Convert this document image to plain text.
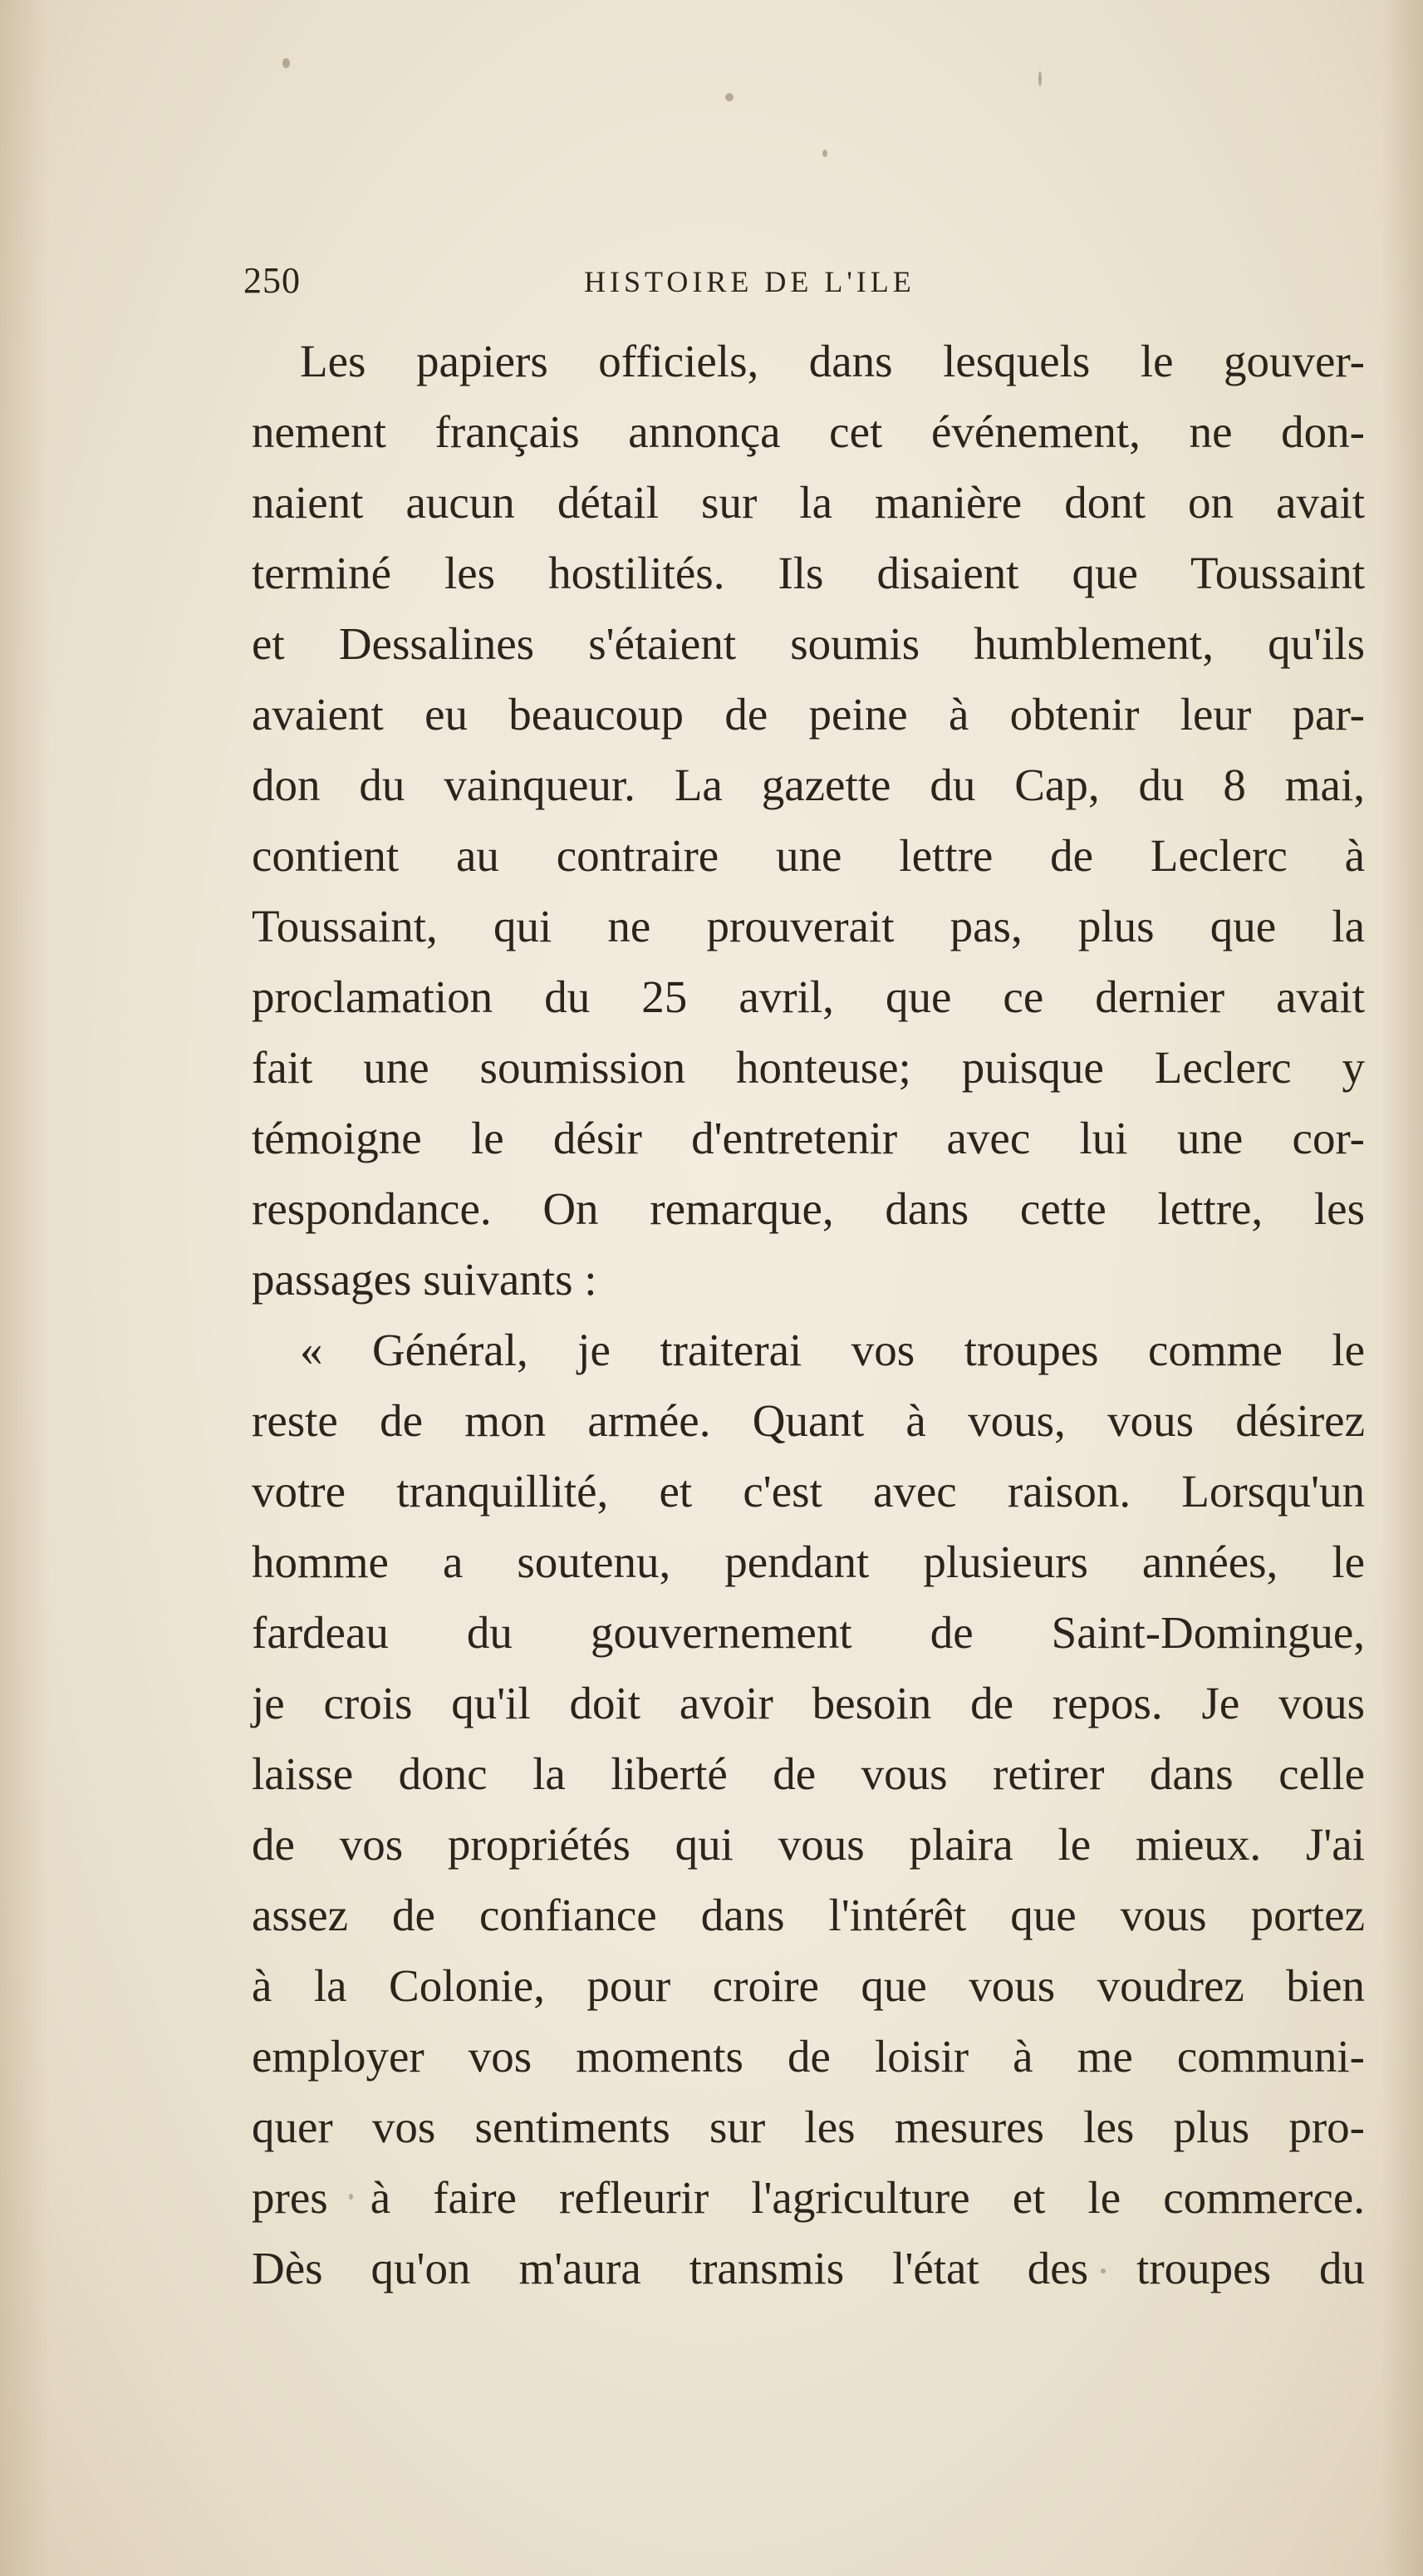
250	HISTOIRE DE L'ILE
Les papiers officiels, dans lesquels le gouver-
nement français annonça cet événement, ne don-
naient aucun détail sur la manière dont on avait
terminé les hostilités. Ils disaient que Toussaint
et Dessalines s'étaient soumis humblement, qu'ils
avaient eu beaucoup de peine à obtenir leur par-
don du vainqueur. La gazette du Cap, du 8 mai,
contient au contraire une lettre de Leclerc à
Toussaint, qui ne prouverait pas, plus que la
proclamation du 25 avril, que ce dernier avait
fait une soumission honteuse; puisque Leclerc y
témoigne le désir d'entretenir avec lui une cor-
respondance. On remarque, dans cette lettre, les
passages suivants :
« Général, je traiterai vos troupes comme le
reste de mon armée. Quant à vous, vous désirez
votre tranquillité, et c'est avec raison. Lorsqu'un
homme a soutenu, pendant plusieurs années, le
fardeau du gouvernement de Saint-Domingue,
je crois qu'il doit avoir besoin de repos. Je vous
laisse donc la liberté de vous retirer dans celle
de vos propriétés qui vous plaira le mieux. J'ai
assez de confiance dans l'intérêt que vous portez
à la Colonie, pour croire que vous voudrez bien
employer vos moments de loisir à me communi-
quer vos sentiments sur les mesures les plus pro-
pres à faire refleurir l'agriculture et le commerce.
Dès qu'on m'aura transmis l'état des troupes du
